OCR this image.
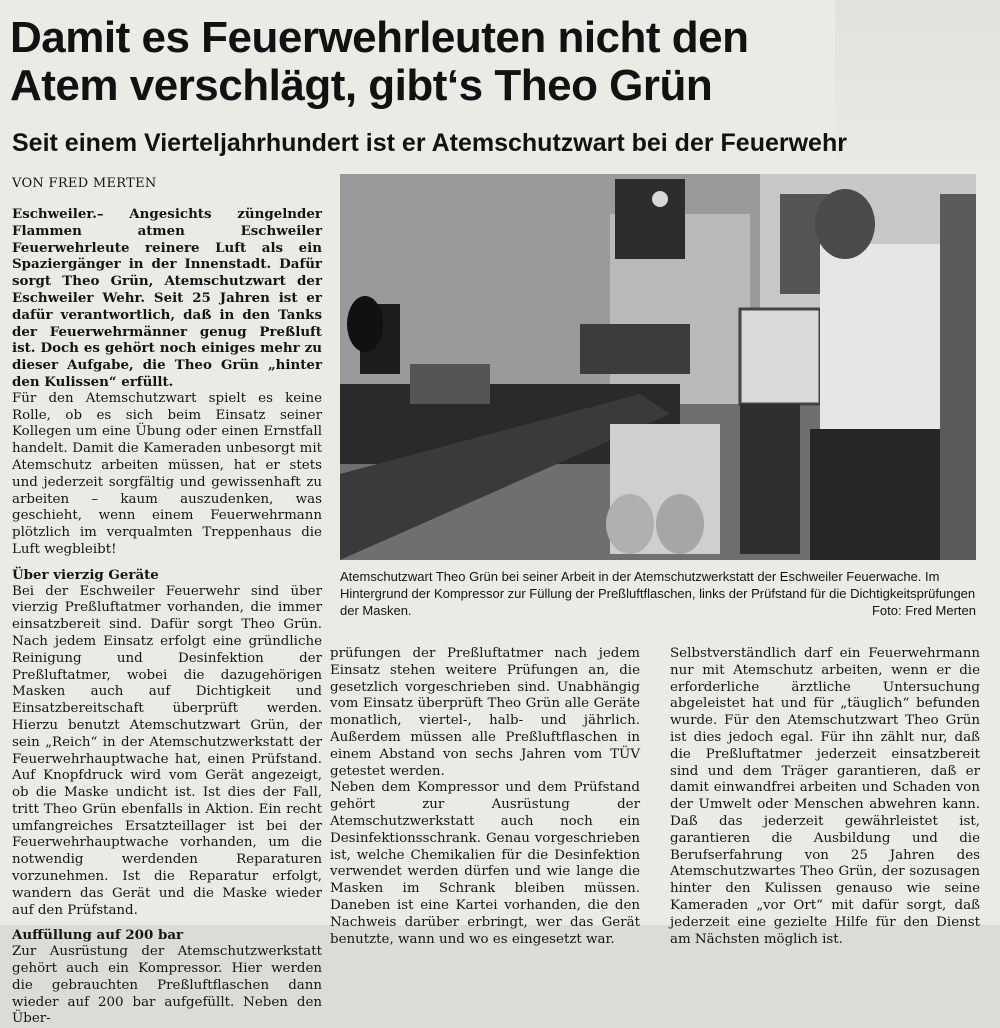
Damit es Feuerwehrleuten nicht den
Atem verschlägt, gibt‘s Theo Grün
Seit einem Vierteljahrhundert ist er Atemschutzwart bei der Feuerwehr
VON FRED MERTEN

Eschweiler.– Angesichts züngelnder Flammen atmen Eschweiler Feuerwehrleute reinere Luft als ein Spaziergänger in der Innenstadt. Dafür sorgt Theo Grün, Atemschutzwart der Eschweiler Wehr. Seit 25 Jahren ist er dafür verantwortlich, daß in den Tanks der Feuerwehrmänner genug Preßluft ist. Doch es gehört noch einiges mehr zu dieser Aufgabe, die Theo Grün „hinter den Kulissen“ erfüllt.

Für den Atemschutzwart spielt es keine Rolle, ob es sich beim Einsatz seiner Kollegen um eine Übung oder einen Ernstfall handelt. Damit die Kameraden unbesorgt mit Atemschutz arbeiten müssen, hat er stets und jederzeit sorgfältig und gewissenhaft zu arbeiten – kaum auszudenken, was geschieht, wenn einem Feuerwehrmann plötzlich im verqualmten Treppenhaus die Luft wegbleibt!

Über vierzig Geräte

Bei der Eschweiler Feuerwehr sind über vierzig Preßluftatmer vorhanden, die immer einsatzbereit sind. Dafür sorgt Theo Grün. Nach jedem Einsatz erfolgt eine gründliche Reinigung und Desinfektion der Preßluftatmer, wobei die dazugehörigen Masken auch auf Dichtigkeit und Einsatzbereitschaft überprüft werden. Hierzu benutzt Atemschutzwart Grün, der sein „Reich“ in der Atemschutzwerkstatt der Feuerwehrhauptwache hat, einen Prüfstand. Auf Knopfdruck wird vom Gerät angezeigt, ob die Maske undicht ist. Ist dies der Fall, tritt Theo Grün ebenfalls in Aktion. Ein recht umfangreiches Ersatzteillager ist bei der Feuerwehrhauptwache vorhanden, um die notwendig werdenden Reparaturen vorzunehmen. Ist die Reparatur erfolgt, wandern das Gerät und die Maske wieder auf den Prüfstand.

Auffüllung auf 200 bar

Zur Ausrüstung der Atemschutzwerkstatt gehört auch ein Kompressor. Hier werden die gebrauchten Preßluftflaschen dann wieder auf 200 bar aufgefüllt. Neben den Über-

Atemschutzwart Theo Grün bei seiner Arbeit in der Atemschutzwerkstatt der Eschweiler Feuerwache. Im Hintergrund der Kompressor zur Füllung der Preßluftflaschen, links der Prüfstand für die Dichtigkeitsprüfungen der Masken.	Foto: Fred Merten

prüfungen der Preßluftatmer nach jedem Einsatz stehen weitere Prüfungen an, die gesetzlich vorgeschrieben sind. Unabhängig vom Einsatz überprüft Theo Grün alle Geräte monatlich, viertel-, halb- und jährlich. Außerdem müssen alle Preßluftflaschen in einem Abstand von sechs Jahren vom TÜV getestet werden.

Neben dem Kompressor und dem Prüfstand gehört zur Ausrüstung der Atemschutzwerkstatt auch noch ein Desinfektionsschrank. Genau vorgeschrieben ist, welche Chemikalien für die Desinfektion verwendet werden dürfen und wie lange die Masken im Schrank bleiben müssen. Daneben ist eine Kartei vorhanden, die den Nachweis darüber erbringt, wer das Gerät benutzte, wann und wo es eingesetzt war.

Selbstverständlich darf ein Feuerwehrmann nur mit Atemschutz arbeiten, wenn er die erforderliche ärztliche Untersuchung abgeleistet hat und für „täuglich“ befunden wurde. Für den Atemschutzwart Theo Grün ist dies jedoch egal. Für ihn zählt nur, daß die Preßluftatmer jederzeit einsatzbereit sind und dem Träger garantieren, daß er damit einwandfrei arbeiten und Schaden von der Umwelt oder Menschen abwehren kann. Daß das jederzeit gewährleistet ist, garantieren die Ausbildung und die Berufserfahrung von 25 Jahren des Atemschutzwartes Theo Grün, der sozusagen hinter den Kulissen genauso wie seine Kameraden „vor Ort“ mit dafür sorgt, daß jederzeit eine gezielte Hilfe für den Dienst am Nächsten möglich ist.
